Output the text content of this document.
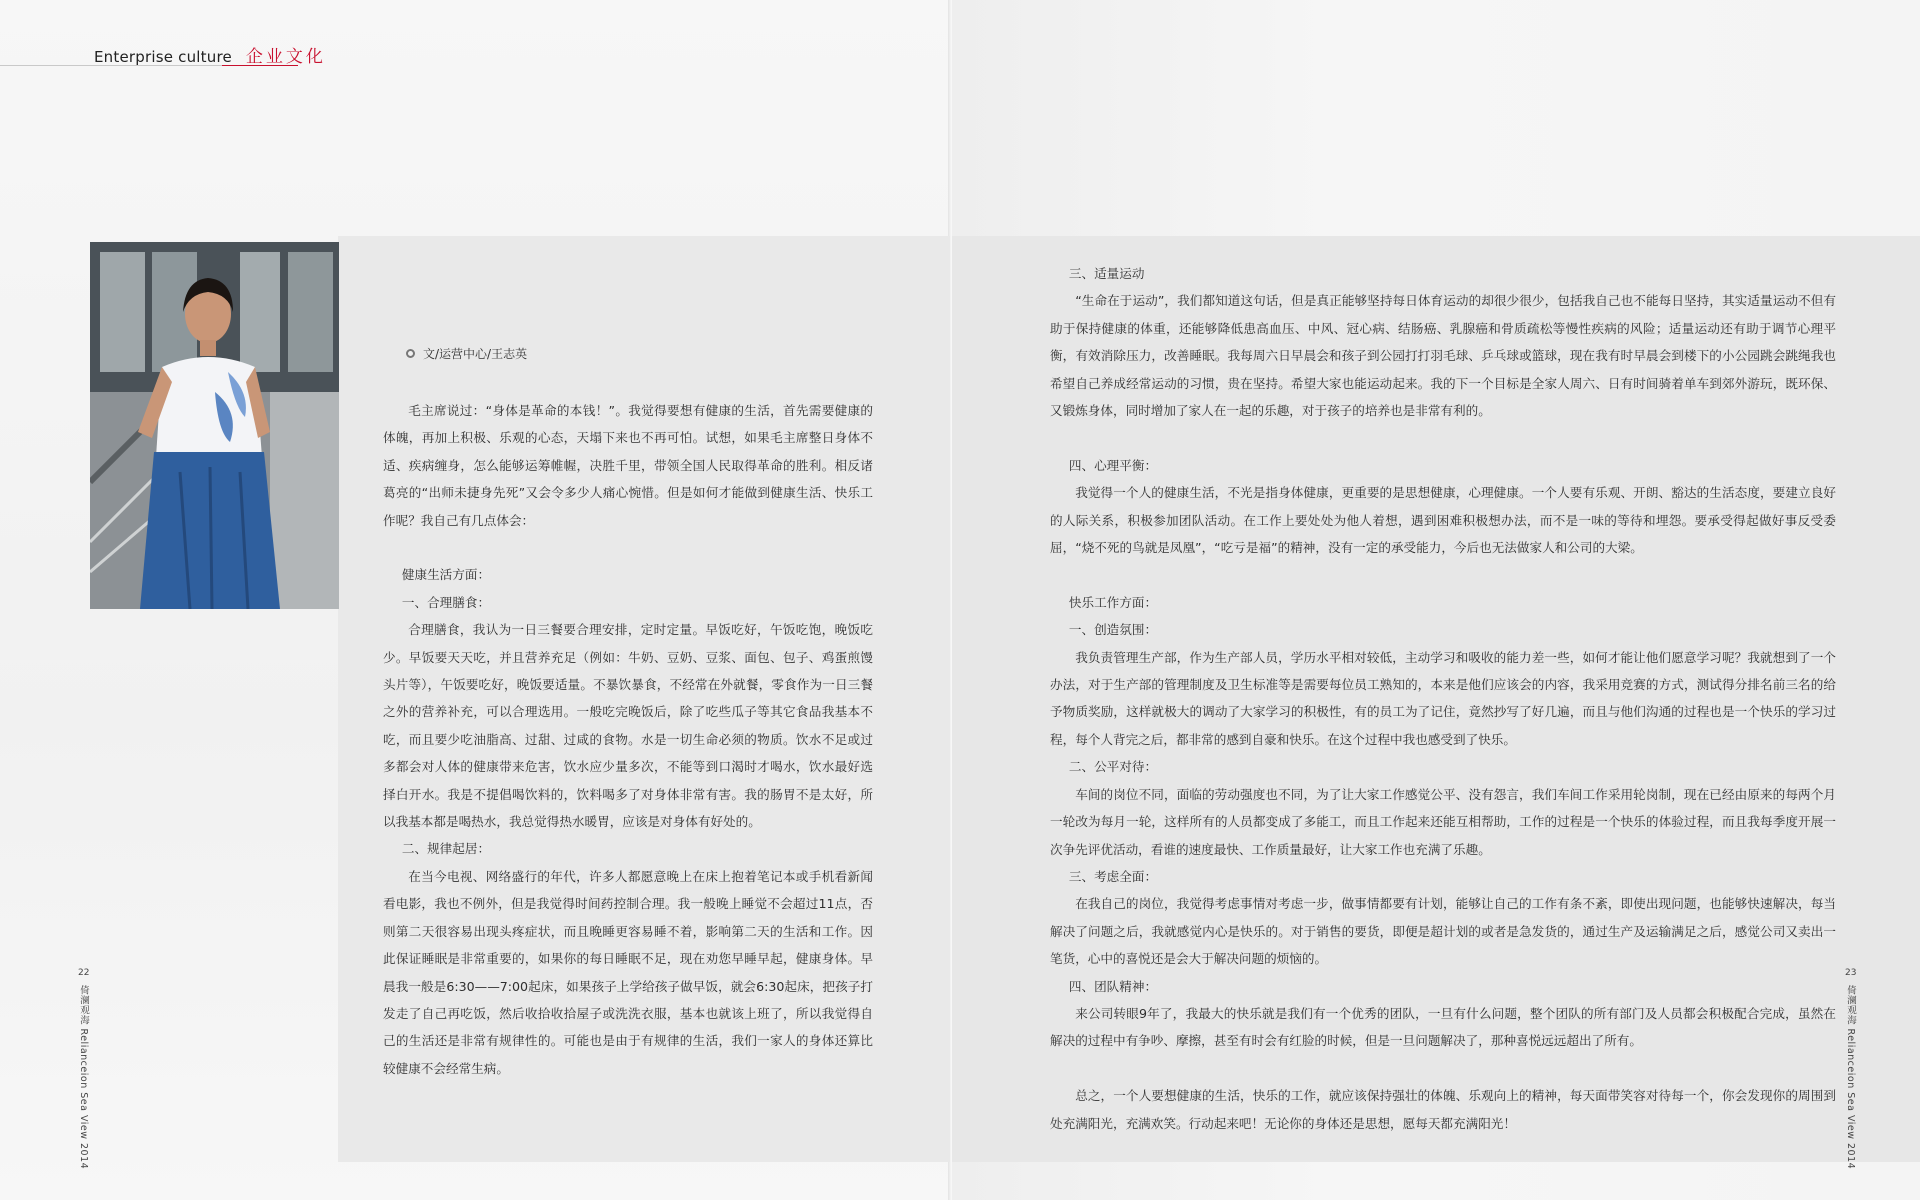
Enterprise culture 企业文化
文/运营中心/王志英

毛主席说过：“身体是革命的本钱！”。我觉得要想有健康的生活，首先需要健康的体魄，再加上积极、乐观的心态，天塌下来也不再可怕。试想，如果毛主席整日身体不适、疾病缠身，怎么能够运筹帷幄，决胜千里，带领全国人民取得革命的胜利。相反诸葛亮的“出师未捷身先死”又会令多少人痛心惋惜。但是如何才能做到健康生活、快乐工作呢？我自己有几点体会：

健康生活方面：

一、合理膳食：

合理膳食，我认为一日三餐要合理安排，定时定量。早饭吃好，午饭吃饱，晚饭吃少。早饭要天天吃，并且营养充足（例如：牛奶、豆奶、豆浆、面包、包子、鸡蛋煎馒头片等），午饭要吃好，晚饭要适量。不暴饮暴食，不经常在外就餐，零食作为一日三餐之外的营养补充，可以合理选用。一般吃完晚饭后，除了吃些瓜子等其它食品我基本不吃，而且要少吃油脂高、过甜、过咸的食物。水是一切生命必须的物质。饮水不足或过多都会对人体的健康带来危害，饮水应少量多次，不能等到口渴时才喝水，饮水最好选择白开水。我是不提倡喝饮料的，饮料喝多了对身体非常有害。我的肠胃不是太好，所以我基本都是喝热水，我总觉得热水暖胃，应该是对身体有好处的。

二、规律起居：

在当今电视、网络盛行的年代，许多人都愿意晚上在床上抱着笔记本或手机看新闻看电影，我也不例外，但是我觉得时间药控制合理。我一般晚上睡觉不会超过11点，否则第二天很容易出现头疼症状，而且晚睡更容易睡不着，影响第二天的生活和工作。因此保证睡眠是非常重要的，如果你的每日睡眠不足，现在劝您早睡早起，健康身体。早晨我一般是6:30——7:00起床，如果孩子上学给孩子做早饭，就会6:30起床，把孩子打发走了自己再吃饭，然后收拾收拾屋子或洗洗衣服，基本也就该上班了，所以我觉得自己的生活还是非常有规律性的。可能也是由于有规律的生活，我们一家人的身体还算比较健康不会经常生病。

三、适量运动

“生命在于运动”，我们都知道这句话，但是真正能够坚持每日体育运动的却很少很少，包括我自己也不能每日坚持，其实适量运动不但有助于保持健康的体重，还能够降低患高血压、中风、冠心病、结肠癌、乳腺癌和骨质疏松等慢性疾病的风险；适量运动还有助于调节心理平衡，有效消除压力，改善睡眠。我每周六日早晨会和孩子到公园打打羽毛球、乒乓球或篮球，现在我有时早晨会到楼下的小公园跳会跳绳我也希望自己养成经常运动的习惯，贵在坚持。希望大家也能运动起来。我的下一个目标是全家人周六、日有时间骑着单车到郊外游玩，既环保、又锻炼身体，同时增加了家人在一起的乐趣，对于孩子的培养也是非常有利的。

四、心理平衡：

我觉得一个人的健康生活，不光是指身体健康，更重要的是思想健康，心理健康。一个人要有乐观、开朗、豁达的生活态度，要建立良好的人际关系，积极参加团队活动。在工作上要处处为他人着想，遇到困难积极想办法，而不是一味的等待和埋怨。要承受得起做好事反受委屈，“烧不死的鸟就是凤凰”，“吃亏是福”的精神，没有一定的承受能力，今后也无法做家人和公司的大梁。

快乐工作方面：

一、创造氛围：

我负责管理生产部，作为生产部人员，学历水平相对较低，主动学习和吸收的能力差一些，如何才能让他们愿意学习呢？我就想到了一个办法，对于生产部的管理制度及卫生标准等是需要每位员工熟知的，本来是他们应该会的内容，我采用竞赛的方式，测试得分排名前三名的给予物质奖励，这样就极大的调动了大家学习的积极性，有的员工为了记住，竟然抄写了好几遍，而且与他们沟通的过程也是一个快乐的学习过程，每个人背完之后，都非常的感到自豪和快乐。在这个过程中我也感受到了快乐。

二、公平对待：

车间的岗位不同，面临的劳动强度也不同，为了让大家工作感觉公平、没有怨言，我们车间工作采用轮岗制，现在已经由原来的每两个月一轮改为每月一轮，这样所有的人员都变成了多能工，而且工作起来还能互相帮助，工作的过程是一个快乐的体验过程，而且我每季度开展一次争先评优活动，看谁的速度最快、工作质量最好，让大家工作也充满了乐趣。

三、考虑全面：

在我自己的岗位，我觉得考虑事情对考虑一步，做事情都要有计划，能够让自己的工作有条不紊，即使出现问题，也能够快速解决，每当解决了问题之后，我就感觉内心是快乐的。对于销售的要货，即便是超计划的或者是急发货的，通过生产及运输满足之后，感觉公司又卖出一笔货，心中的喜悦还是会大于解决问题的烦恼的。

四、团队精神：

来公司转眼9年了，我最大的快乐就是我们有一个优秀的团队，一旦有什么问题，整个团队的所有部门及人员都会积极配合完成，虽然在解决的过程中有争吵、摩擦，甚至有时会有红脸的时候，但是一旦问题解决了，那种喜悦远远超出了所有。

总之，一个人要想健康的生活，快乐的工作，就应该保持强壮的体魄、乐观向上的精神，每天面带笑容对待每一个，你会发现你的周围到处充满阳光，充满欢笑。行动起来吧！无论你的身体还是思想，愿每天都充满阳光！

22
倚澜观海 Relianceion Sea View 2014
23
倚澜观海 Relianceion Sea View 2014
